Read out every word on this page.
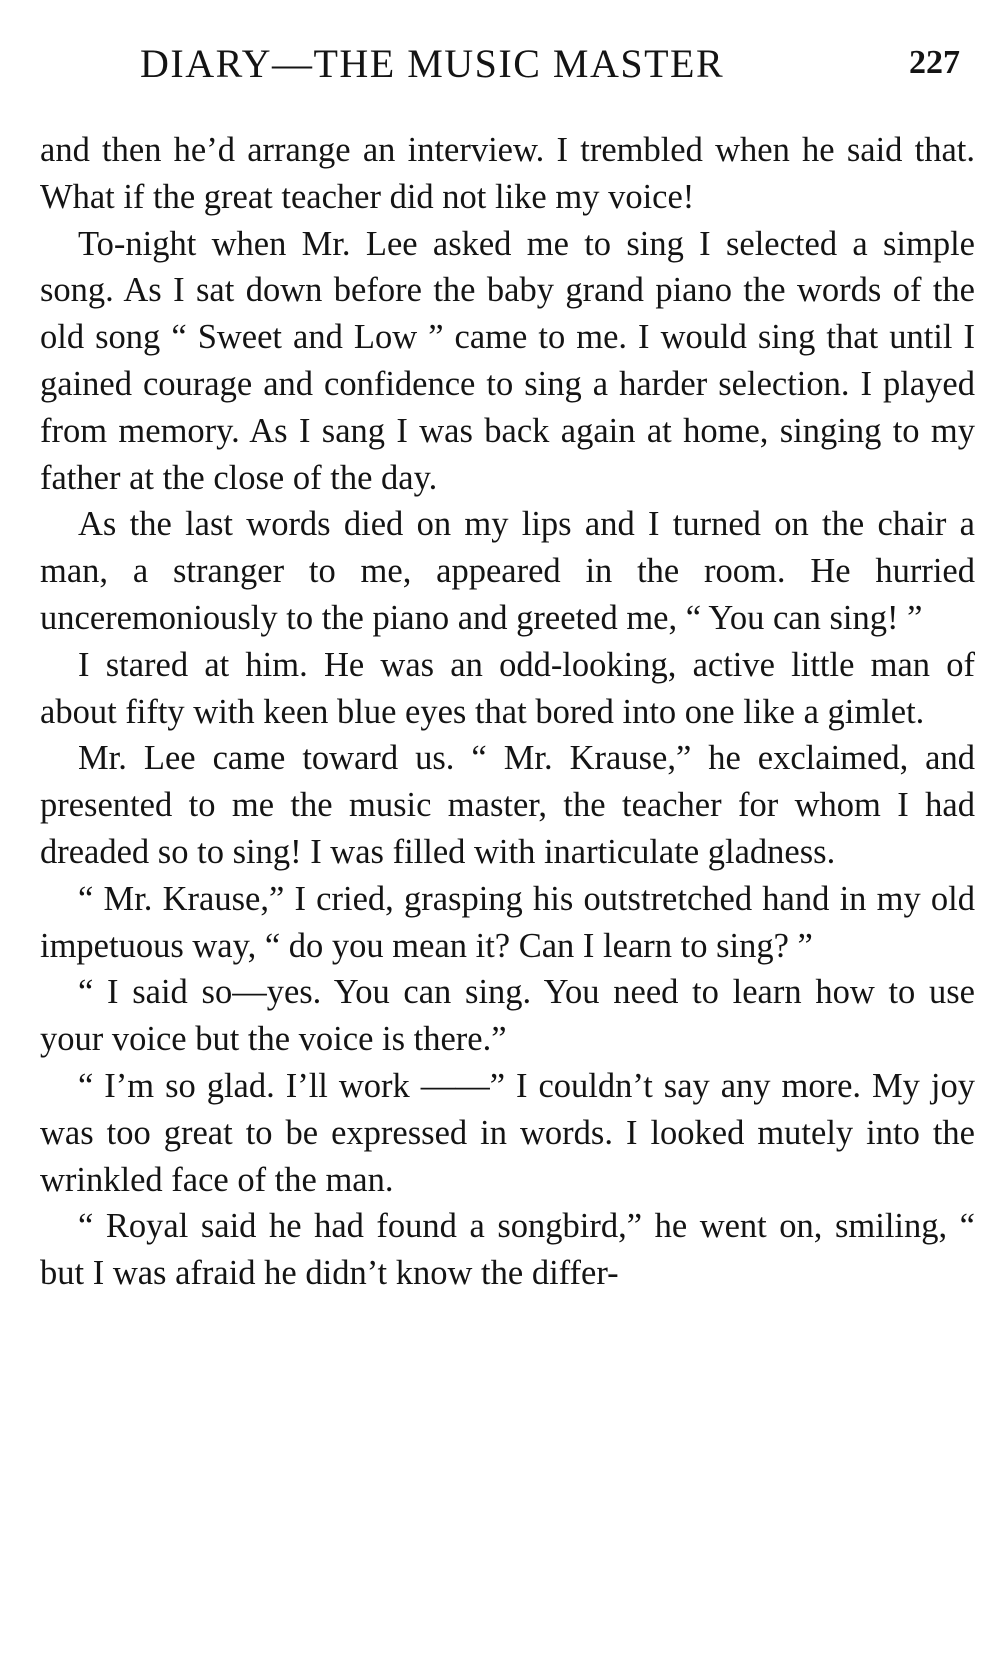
DIARY—THE MUSIC MASTER	227

and then he’d arrange an interview. I trembled when he said that. What if the great teacher did not like my voice!

To-night when Mr. Lee asked me to sing I selected a simple song. As I sat down before the baby grand piano the words of the old song “ Sweet and Low ” came to me. I would sing that until I gained courage and confidence to sing a harder selection. I played from memory. As I sang I was back again at home, singing to my father at the close of the day.

As the last words died on my lips and I turned on the chair a man, a stranger to me, appeared in the room. He hurried unceremoniously to the piano and greeted me, “ You can sing! ”

I stared at him. He was an odd-looking, active little man of about fifty with keen blue eyes that bored into one like a gimlet.

Mr. Lee came toward us. “ Mr. Krause,” he exclaimed, and presented to me the music master, the teacher for whom I had dreaded so to sing! I was filled with inarticulate gladness.

“ Mr. Krause,” I cried, grasping his outstretched hand in my old impetuous way, “ do you mean it? Can I learn to sing? ”

“ I said so—yes. You can sing. You need to learn how to use your voice but the voice is there.”

“ I’m so glad. I’ll work ——” I couldn’t say any more. My joy was too great to be expressed in words. I looked mutely into the wrinkled face of the man.

“ Royal said he had found a songbird,” he went on, smiling, “ but I was afraid he didn’t know the differ-
